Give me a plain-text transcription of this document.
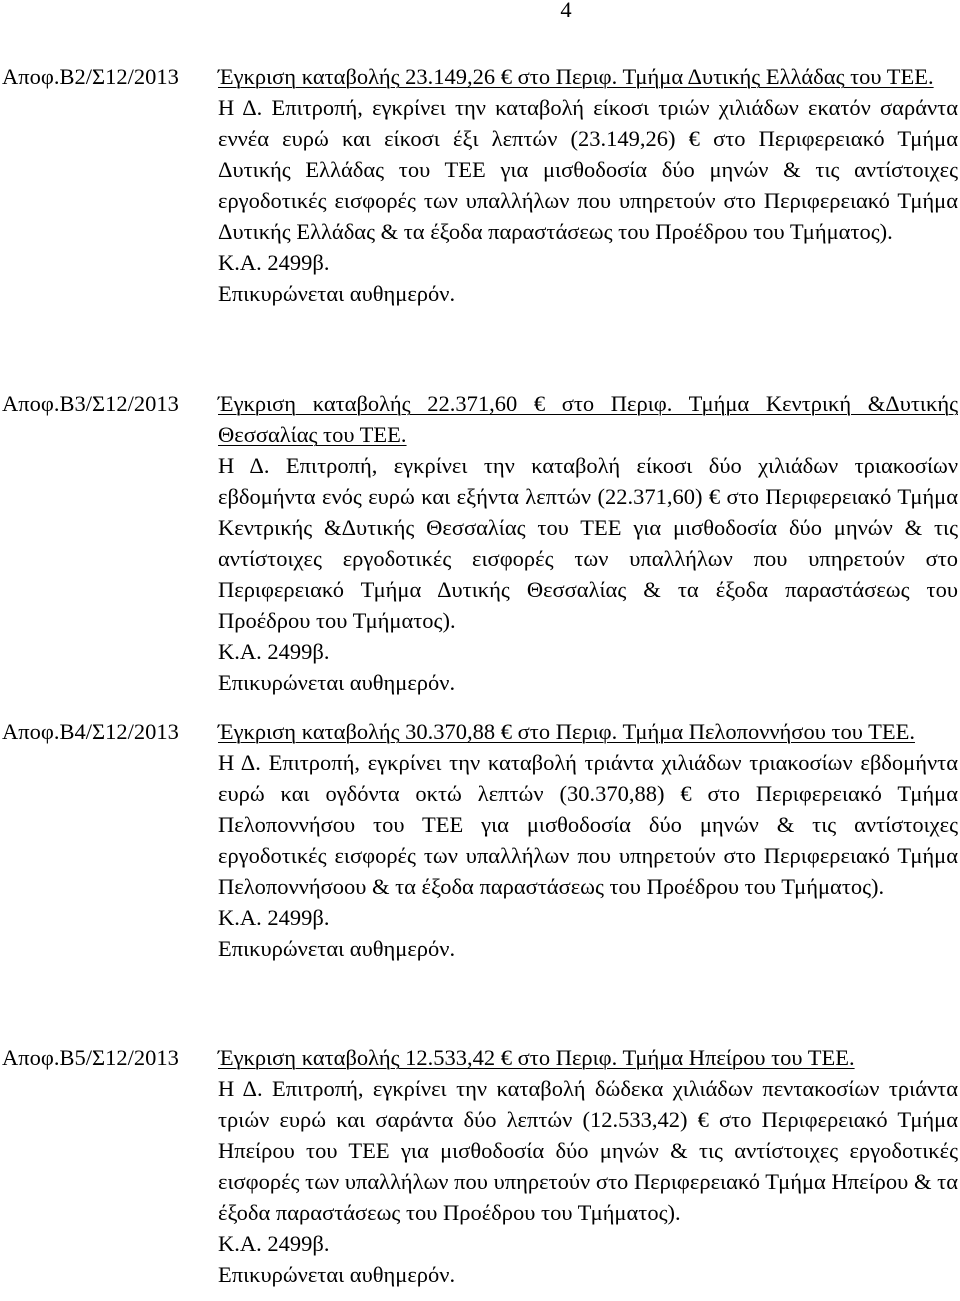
4
Αποφ.Β2/Σ12/2013 Έγκριση καταβολής 23.149,26 € στο Περιφ. Τμήμα Δυτικής Ελλάδας του ΤΕΕ.

Η Δ. Επιτροπή, εγκρίνει την καταβολή είκοσι τριών χιλιάδων εκατόν σαράντα εννέα ευρώ και είκοσι έξι λεπτών (23.149,26) € στο Περιφερειακό Τμήμα Δυτικής Ελλάδας του ΤΕΕ για μισθοδοσία δύο μηνών & τις αντίστοιχες εργοδοτικές εισφορές των υπαλλήλων που υπηρετούν στο Περιφερειακό Τμήμα Δυτικής Ελλάδας & τα έξοδα παραστάσεως του Προέδρου του Τμήματος).

Κ.Α. 2499β.

Επικυρώνεται αυθημερόν.

Αποφ.Β3/Σ12/2013 Έγκριση καταβολής 22.371,60 € στο Περιφ. Τμήμα Κεντρική &Δυτικής Θεσσαλίας του ΤΕΕ.

Η Δ. Επιτροπή, εγκρίνει την καταβολή είκοσι δύο χιλιάδων τριακοσίων εβδομήντα ενός ευρώ και εξήντα λεπτών (22.371,60) € στο Περιφερειακό Τμήμα Κεντρικής &Δυτικής Θεσσαλίας του ΤΕΕ για μισθοδοσία δύο μηνών & τις αντίστοιχες εργοδοτικές εισφορές των υπαλλήλων που υπηρετούν στο Περιφερειακό Τμήμα Δυτικής Θεσσαλίας & τα έξοδα παραστάσεως του Προέδρου του Τμήματος).

Κ.Α. 2499β.

Επικυρώνεται αυθημερόν.

Αποφ.Β4/Σ12/2013 Έγκριση καταβολής 30.370,88 € στο Περιφ. Τμήμα Πελοποννήσου του ΤΕΕ.

Η Δ. Επιτροπή, εγκρίνει την καταβολή τριάντα χιλιάδων τριακοσίων εβδομήντα ευρώ και ογδόντα οκτώ λεπτών (30.370,88) € στο Περιφερειακό Τμήμα Πελοποννήσου του ΤΕΕ για μισθοδοσία δύο μηνών & τις αντίστοιχες εργοδοτικές εισφορές των υπαλλήλων που υπηρετούν στο Περιφερειακό Τμήμα Πελοποννήσοου & τα έξοδα παραστάσεως του Προέδρου του Τμήματος).

Κ.Α. 2499β.

Επικυρώνεται αυθημερόν.

Αποφ.Β5/Σ12/2013 Έγκριση καταβολής 12.533,42 € στο Περιφ. Τμήμα Ηπείρου του ΤΕΕ.

Η Δ. Επιτροπή, εγκρίνει την καταβολή δώδεκα χιλιάδων πεντακοσίων τριάντα τριών ευρώ και σαράντα δύο λεπτών (12.533,42) € στο Περιφερειακό Τμήμα Ηπείρου του ΤΕΕ για μισθοδοσία δύο μηνών & τις αντίστοιχες εργοδοτικές εισφορές των υπαλλήλων που υπηρετούν στο Περιφερειακό Τμήμα Ηπείρου & τα έξοδα παραστάσεως του Προέδρου του Τμήματος).

Κ.Α. 2499β.

Επικυρώνεται αυθημερόν.
